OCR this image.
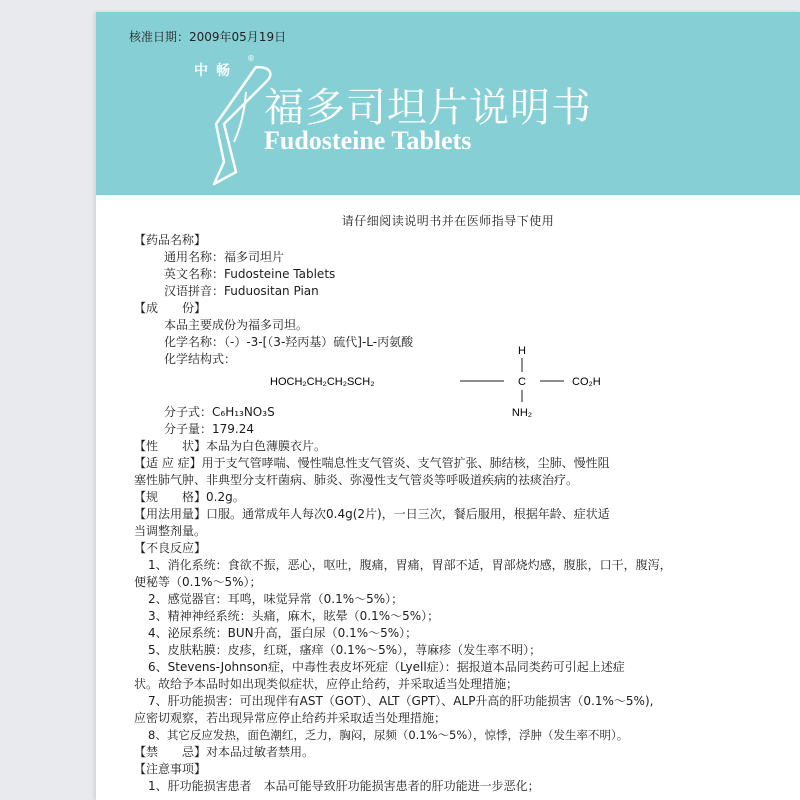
核准日期：2009年05月19日
中畅
®
福多司坦片说明书
Fudosteine Tablets
请仔细阅读说明书并在医师指导下使用
【药品名称】
通用名称：福多司坦片
英文名称：Fudosteine Tablets
汉语拼音：Fuduositan Pian
【成　　份】
本品主要成份为福多司坦。
化学名称：（-）-3-[（3-羟丙基）硫代]-L-丙氨酸
化学结构式：
H
HOCH₂CH₂CH₂SCH₂	C	CO₂H
NH₂
分子式：C₆H₁₃NO₃S
分子量：179.24
【性　　状】本品为白色薄膜衣片。
【适 应 症】用于支气管哮喘、慢性喘息性支气管炎、支气管扩张、肺结核，尘肺、慢性阻
塞性肺气肿、非典型分支杆菌病、肺炎、弥漫性支气管炎等呼吸道疾病的祛痰治疗。
【规　　格】0.2g。
【用法用量】口服。通常成年人每次0.4g(2片)，一日三次，餐后服用，根据年龄、症状适
当调整剂量。
【不良反应】
1、消化系统：食欲不振，恶心，呕吐，腹痛，胃痛，胃部不适，胃部烧灼感，腹胀，口干，腹泻，
便秘等（0.1%～5%）；
2、感觉器官：耳鸣，味觉异常（0.1%～5%）；
3、精神神经系统：头痛，麻木，眩晕（0.1%～5%）；
4、泌尿系统：BUN升高，蛋白尿（0.1%～5%）；
5、皮肤粘膜：皮疹，红斑，瘙痒（0.1%～5%），荨麻疹（发生率不明）；
6、Stevens-Johnson症，中毒性表皮坏死症（Lyell症）：据报道本品同类药可引起上述症
状。故给予本品时如出现类似症状，应停止给药，并采取适当处理措施；
7、肝功能损害：可出现伴有AST（GOT）、ALT（GPT）、ALP升高的肝功能损害（0.1%～5%),
应密切观察，若出现异常应停止给药并采取适当处理措施；
8、其它反应发热，面色潮红，乏力，胸闷，尿频（0.1%～5%），惊悸，浮肿（发生率不明）。
【禁　　忌】对本品过敏者禁用。
【注意事项】
1、肝功能损害患者　本品可能导致肝功能损害患者的肝功能进一步恶化；
